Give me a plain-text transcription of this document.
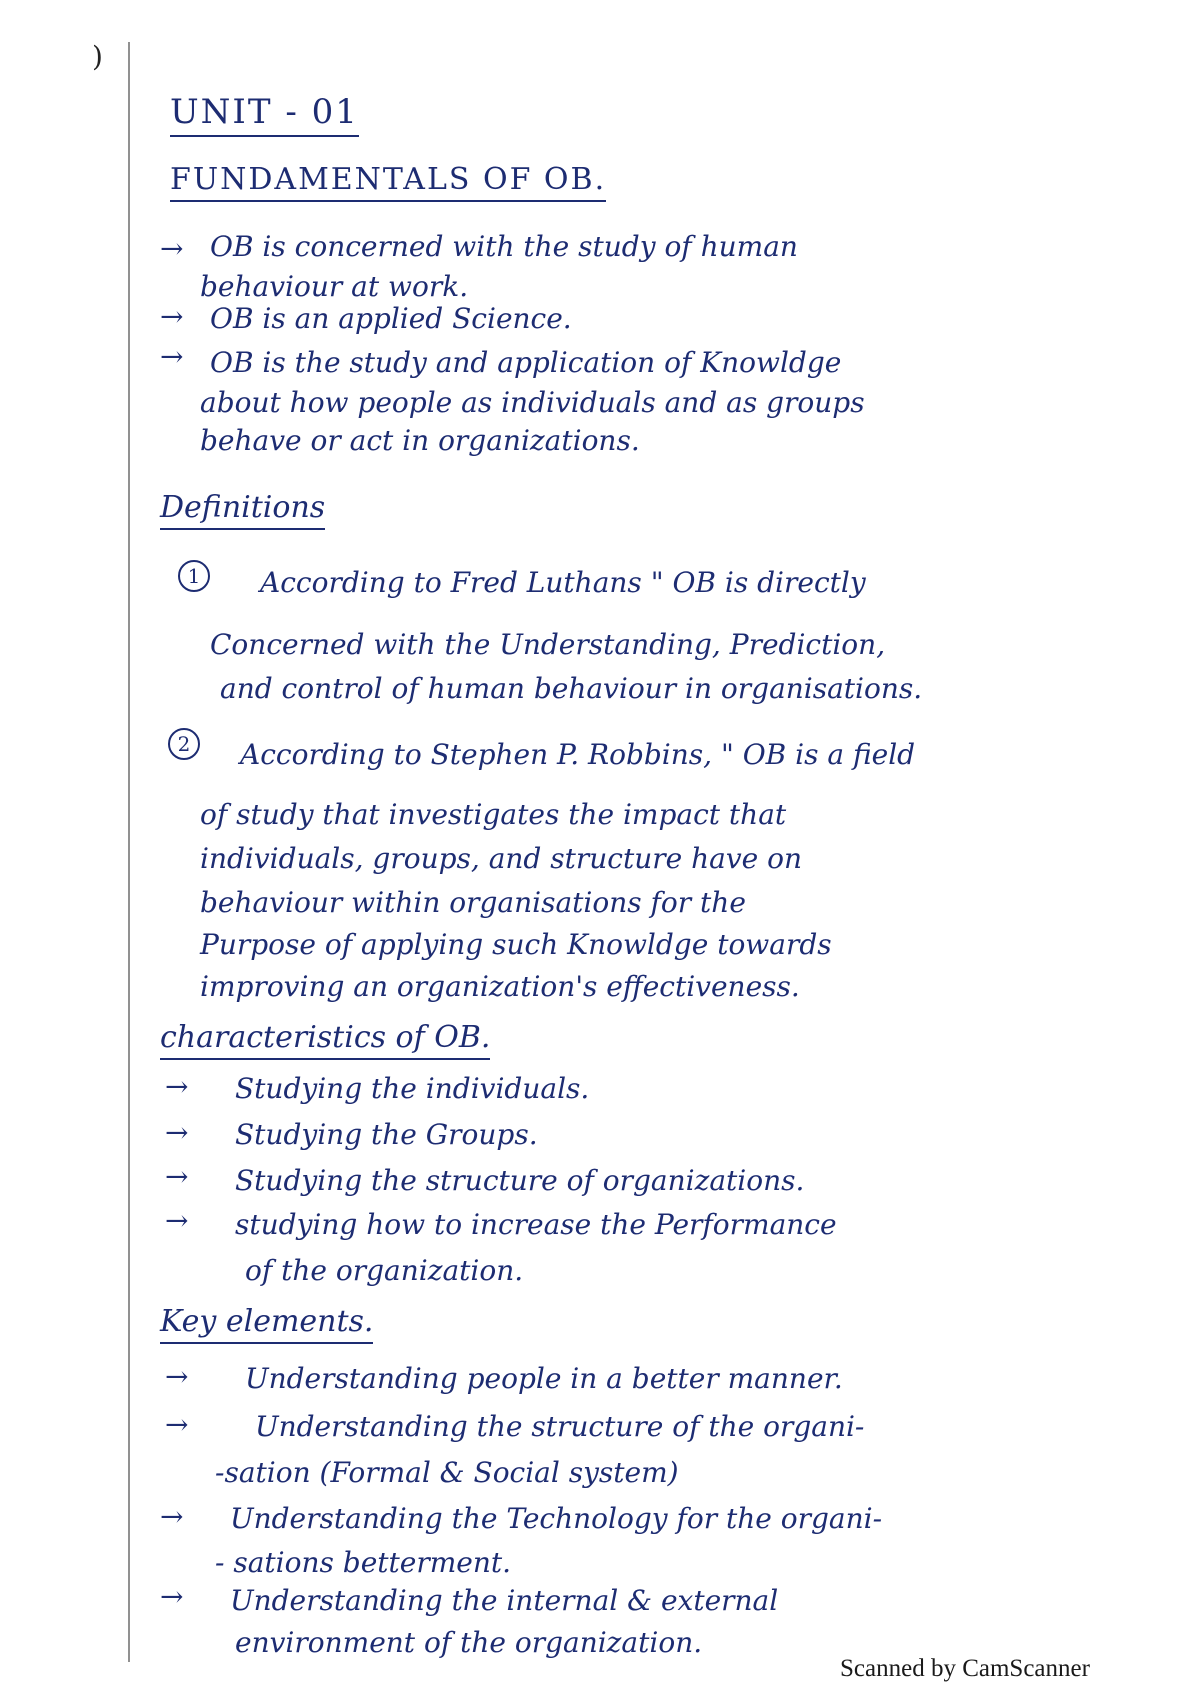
)
UNIT - 01
FUNDAMENTALS OF OB.
→ OB is concerned with the study of human
behaviour at work.
→ OB is an applied Science.
→ OB is the study and application of Knowldge
about how people as individuals and as groups
behave or act in organizations.
Definitions
1	According to Fred Luthans " OB is directly
Concerned with the Understanding, Prediction,
and control of human behaviour in organisations.
2	According to Stephen P. Robbins, " OB is a field
of study that investigates the impact that
individuals, groups, and structure have on
behaviour within organisations for the
Purpose of applying such Knowldge towards
improving an organization's effectiveness.
characteristics of OB.
→ Studying the individuals.
→ Studying the Groups.
→ Studying the structure of organizations.
→ studying how to increase the Performance
of the organization.
Key elements.
→ Understanding people in a better manner.
→ Understanding the structure of the organi-
-sation (Formal & Social system)
→ Understanding the Technology for the organi-
- sations betterment.
→ Understanding the internal & external
environment of the organization.
Scanned by CamScanner
